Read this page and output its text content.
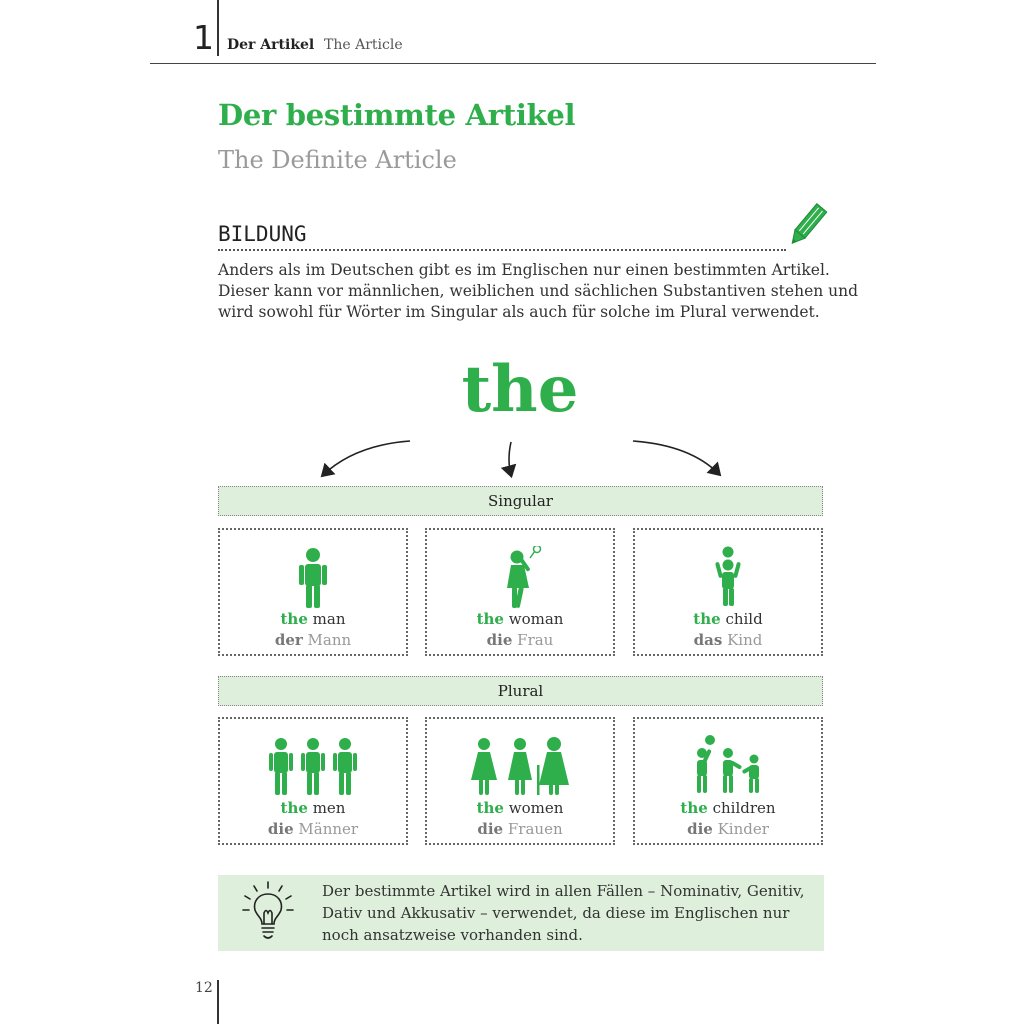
1 Der Artikel The Article
Der bestimmte Artikel
The Definite Article
BILDUNG
Anders als im Deutschen gibt es im Englischen nur einen bestimmten Artikel.
Dieser kann vor männlichen, weiblichen und sächlichen Substantiven stehen und
wird sowohl für Wörter im Singular als auch für solche im Plural verwendet.
the
Singular
the man
der Mann
the woman
die Frau
the child
das Kind
Plural
the men
die Männer
the women
die Frauen
the children
die Kinder
Der bestimmte Artikel wird in allen Fällen – Nominativ, Genitiv,
Dativ und Akkusativ – verwendet, da diese im Englischen nur
noch ansatzweise vorhanden sind.
12
